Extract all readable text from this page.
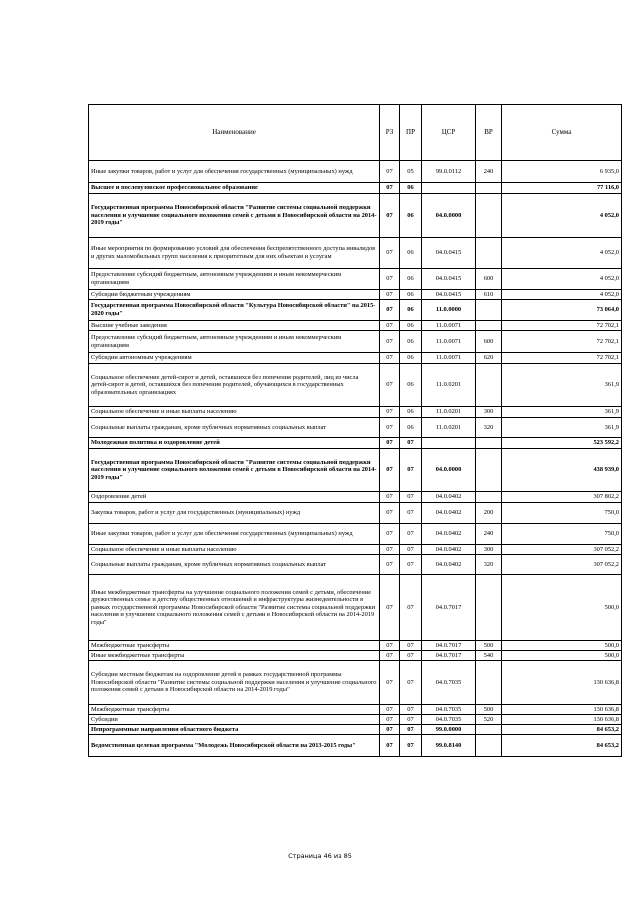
Наименование	РЗ	ПР	ЦСР	ВР	Сумма
Иные закупки товаров, работ и услуг для обеспечения государственных (муниципальных) нужд	07	05	99.0.0112	240	6 935,0
Высшее и послевузовское профессиональное образование	07	06			77 116,0
Государственная программа Новосибирской области "Развитие системы социальной поддержки населения и улучшение социального положения семей с детьми в Новосибирской области на 2014-2019 годы"	07	06	04.0.0000		4 052,0
Иные мероприятия по формированию условий для обеспечения беспрепятственного доступа инвалидов и других маломобильных групп населения к приоритетным для них объектам и услугам	07	06	04.0.0415		4 052,0
Предоставление субсидий бюджетным, автономным учреждениям и иным некоммерческим организациям	07	06	04.0.0415	600	4 052,0
Субсидии бюджетным учреждениям	07	06	04.0.0415	610	4 052,0
Государственная программа Новосибирской области "Культура Новосибирской области" на 2015-2020 годы"	07	06	11.0.0000		73 064,0
Высшие учебные заведения	07	06	11.0.0071		72 702,1
Предоставление субсидий бюджетным, автономным учреждениям и иным некоммерческим организациям	07	06	11.0.0071	600	72 702,1
Субсидии автономным учреждениям	07	06	11.0.0071	620	72 702,1
Социальное обеспечение детей-сирот и детей, оставшихся без попечения родителей, лиц из числа детей-сирот и детей, оставшихся без попечения родителей, обучающихся в государственных образовательных организациях	07	06	11.0.0201		361,9
Социальное обеспечение и иные выплаты населению	07	06	11.0.0201	300	361,9
Социальные выплаты гражданам, кроме публичных нормативных социальных выплат	07	06	11.0.0201	320	361,9
Молодежная политика и оздоровление детей	07	07			523 592,2
Государственная программа Новосибирской области "Развитие системы социальной поддержки населения и улучшение социального положения семей с детьми в Новосибирской области на 2014-2019 годы"	07	07	04.0.0000		438 939,0
Оздоровление детей	07	07	04.0.0402		307 802,2
Закупка товаров, работ и услуг для государственных (муниципальных) нужд	07	07	04.0.0402	200	750,0
Иные закупки товаров, работ и услуг для обеспечения государственных (муниципальных) нужд	07	07	04.0.0402	240	750,0
Социальное обеспечение и иные выплаты населению	07	07	04.0.0402	300	307 052,2
Социальные выплаты гражданам, кроме публичных нормативных социальных выплат	07	07	04.0.0402	320	307 052,2
Иные межбюджетные трансферты на улучшение социального положения семей с детьми, обеспечение дружественных семье и детству общественных отношений и инфраструктуры жизнедеятельности в рамках государственной программы Новосибирской области "Развитие системы социальной поддержки населения и улучшение социального положения семей с детьми в Новосибирской области на 2014-2019 годы"	07	07	04.0.7017		500,0
Межбюджетные трансферты	07	07	04.0.7017	500	500,0
Иные межбюджетные трансферты	07	07	04.0.7017	540	500,0
Субсидии местным бюджетам на оздоровление детей в рамках государственной программы Новосибирской области "Развитие системы социальной поддержки населения и улучшение социального положения семей с детьми в Новосибирской области на 2014-2019 годы"	07	07	04.0.7035		130 636,8
Межбюджетные трансферты	07	07	04.0.7035	500	130 636,8
Субсидии	07	07	04.0.7035	520	130 636,8
Непрограммные направления областного бюджета	07	07	99.0.0000		84 653,2
Ведомственная целевая программа "Молодежь Новосибирской области на 2013-2015 годы"	07	07	99.0.8140		84 653,2
Страница 46 из 85
